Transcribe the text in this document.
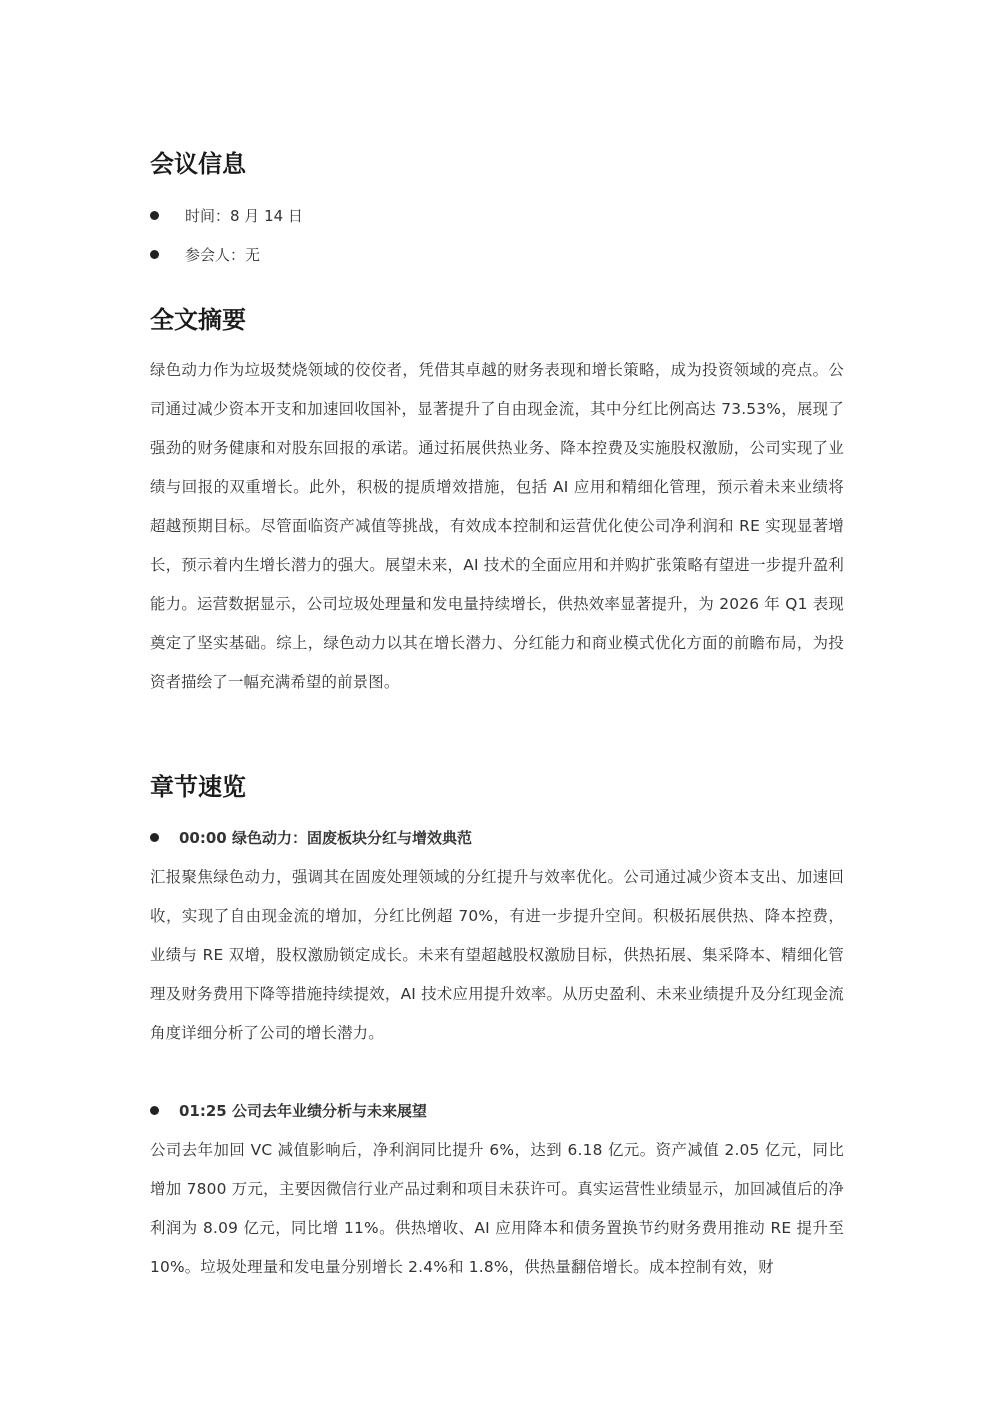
会议信息
时间：8 月 14 日
参会人：无
全文摘要

绿色动力作为垃圾焚烧领域的佼佼者，凭借其卓越的财务表现和增长策略，成为投资领域的亮点。公司通过减少资本开支和加速回收国补，显著提升了自由现金流，其中分红比例高达 73.53%，展现了强劲的财务健康和对股东回报的承诺。通过拓展供热业务、降本控费及实施股权激励，公司实现了业绩与回报的双重增长。此外，积极的提质增效措施，包括 AI 应用和精细化管理，预示着未来业绩将超越预期目标。尽管面临资产减值等挑战，有效成本控制和运营优化使公司净利润和 RE 实现显著增长，预示着内生增长潜力的强大。展望未来，AI 技术的全面应用和并购扩张策略有望进一步提升盈利能力。运营数据显示，公司垃圾处理量和发电量持续增长，供热效率显著提升，为 2026 年 Q1 表现奠定了坚实基础。综上，绿色动力以其在增长潜力、分红能力和商业模式优化方面的前瞻布局，为投资者描绘了一幅充满希望的前景图。

章节速览
00:00 绿色动力：固废板块分红与增效典范

汇报聚焦绿色动力，强调其在固废处理领域的分红提升与效率优化。公司通过减少资本支出、加速回收，实现了自由现金流的增加，分红比例超 70%，有进一步提升空间。积极拓展供热、降本控费，业绩与 RE 双增，股权激励锁定成长。未来有望超越股权激励目标，供热拓展、集采降本、精细化管理及财务费用下降等措施持续提效，AI 技术应用提升效率。从历史盈利、未来业绩提升及分红现金流角度详细分析了公司的增长潜力。

01:25 公司去年业绩分析与未来展望

公司去年加回 VC 减值影响后，净利润同比提升 6%，达到 6.18 亿元。资产减值 2.05 亿元，同比增加 7800 万元，主要因微信行业产品过剩和项目未获许可。真实运营性业绩显示，加回减值后的净利润为 8.09 亿元，同比增 11%。供热增收、AI 应用降本和债务置换节约财务费用推动 RE 提升至 10%。垃圾处理量和发电量分别增长 2.4%和 1.8%，供热量翻倍增长。成本控制有效，财
